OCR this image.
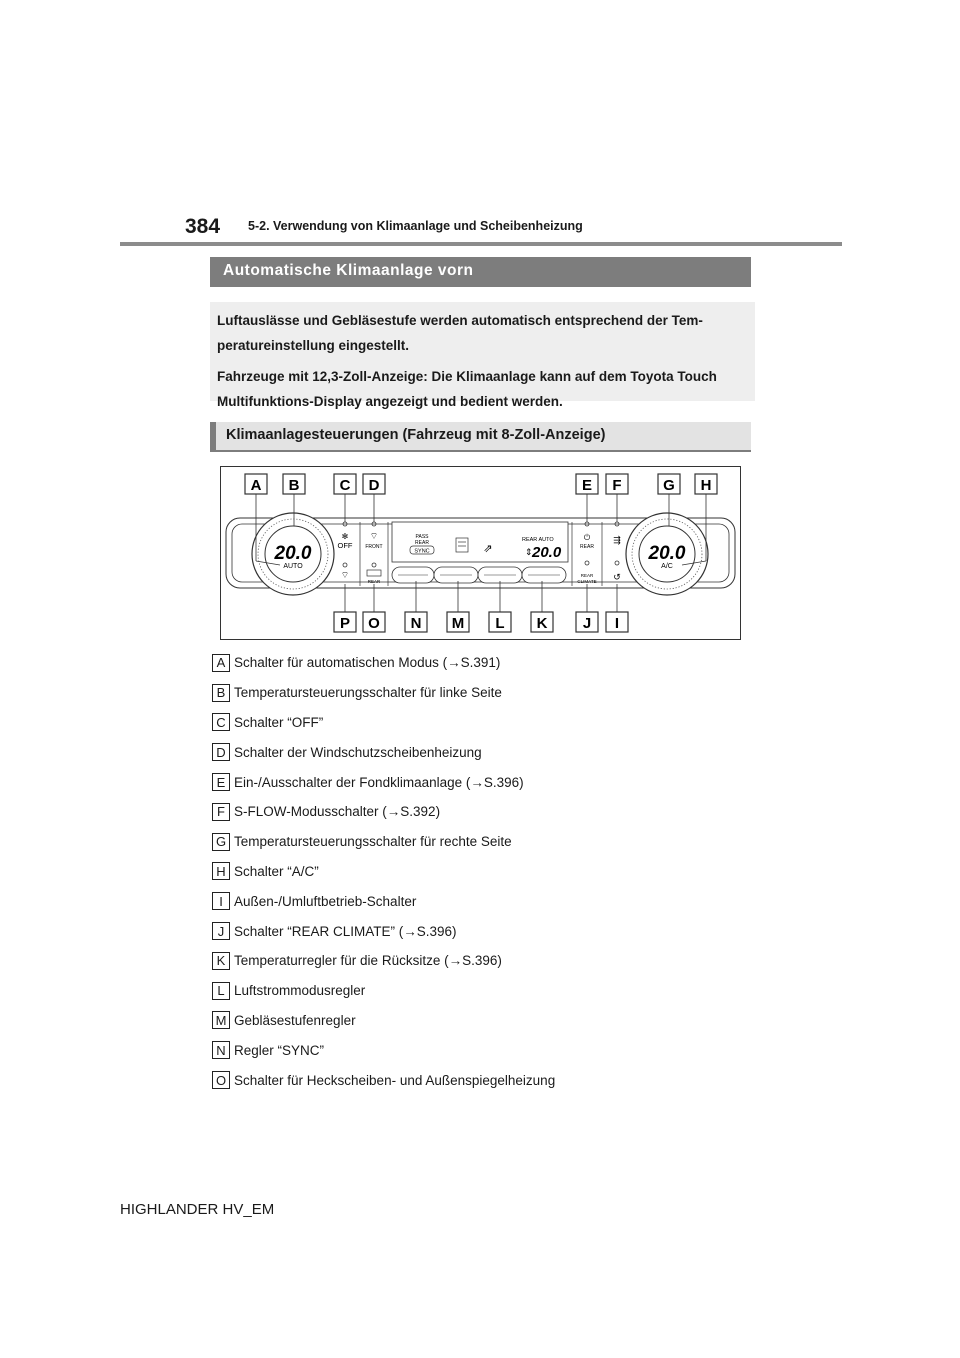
384 5-2. Verwendung von Klimaanlage und Scheibenheizung
Automatische Klimaanlage vorn

Luftauslässe und Gebläsestufe werden automatisch entsprechend der Tem-peratureinstellung eingestellt.

Fahrzeuge mit 12,3-Zoll-Anzeige: Die Klimaanlage kann auf dem Toyota Touch Multifunktions-Display angezeigt und bedient werden.

Klimaanlagesteuerungen (Fahrzeug mit 8-Zoll-Anzeige)
20.0
AUTO
20.0
A/C
✻
OFF
⌔
⌔
FRONT
REAR
PASS
REAR
SYNC	⇗
REAR AUTO
⇕ 20.0
⏻
REAR
REAR
CLIMATE
⇶
↺
A B	C D	E F	G H
P O N M L K J I
A Schalter für automatischen Modus (→S.391)
B Temperatursteuerungsschalter für linke Seite
C Schalter “OFF”
D Schalter der Windschutzscheibenheizung
E Ein-/Ausschalter der Fondklimaanlage (→S.396)
F S-FLOW-Modusschalter (→S.392)
G Temperatursteuerungsschalter für rechte Seite
H Schalter “A/C”
I Außen-/Umluftbetrieb-Schalter
J Schalter “REAR CLIMATE” (→S.396)
K Temperaturregler für die Rücksitze (→S.396)
L Luftstrommodusregler
M Gebläsestufenregler
N Regler “SYNC”
O Schalter für Heckscheiben- und Außenspiegelheizung
HIGHLANDER HV_EM
